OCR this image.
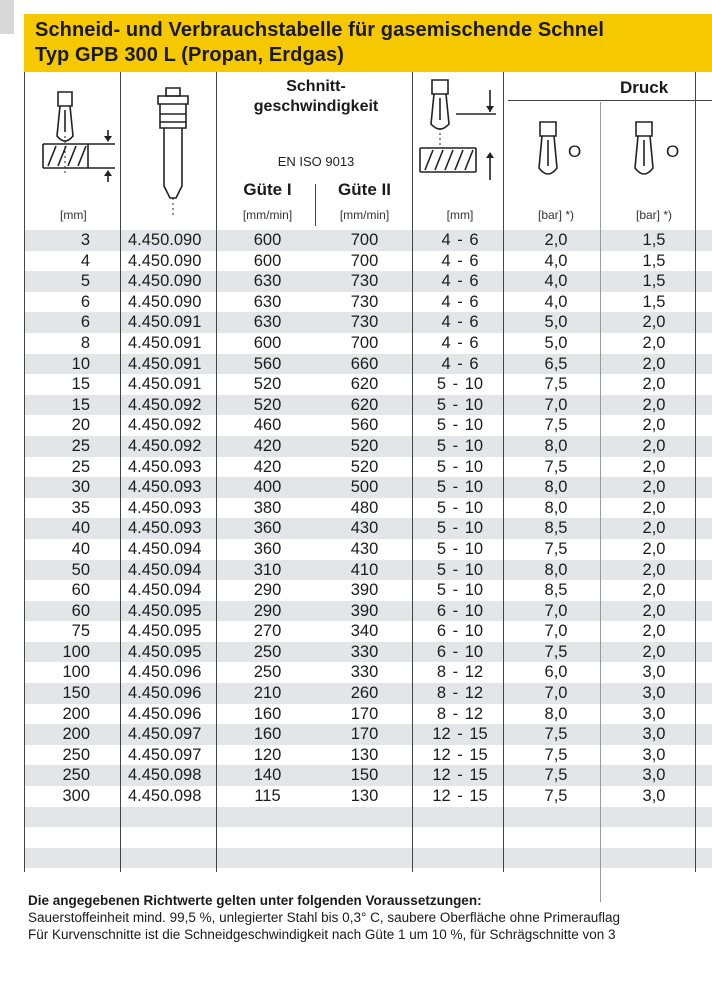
Schneid- und Verbrauchstabelle für gasemischende Schnel
Typ GPB 300 L (Propan, Erdgas)
O	O
Schnitt-
geschwindigkeit
EN ISO 9013
Güte I	Güte II
Druck
[mm]	[mm/min]	[mm/min]	[mm]	[bar] *)	[bar] *)
3 4.450.090	600	700	4 - 6	2,0	1,5
4 4.450.090	600	700	4 - 6	4,0	1,5
5 4.450.090	630	730	4 - 6	4,0	1,5
6 4.450.090	630	730	4 - 6	4,0	1,5
6 4.450.091	630	730	4 - 6	5,0	2,0
8 4.450.091	600	700	4 - 6	5,0	2,0
10 4.450.091	560	660	4 - 6	6,5	2,0
15 4.450.091	520	620	5 - 10	7,5	2,0
15 4.450.092	520	620	5 - 10	7,0	2,0
20 4.450.092	460	560	5 - 10	7,5	2,0
25 4.450.092	420	520	5 - 10	8,0	2,0
25 4.450.093	420	520	5 - 10	7,5	2,0
30 4.450.093	400	500	5 - 10	8,0	2,0
35 4.450.093	380	480	5 - 10	8,0	2,0
40 4.450.093	360	430	5 - 10	8,5	2,0
40 4.450.094	360	430	5 - 10	7,5	2,0
50 4.450.094	310	410	5 - 10	8,0	2,0
60 4.450.094	290	390	5 - 10	8,5	2,0
60 4.450.095	290	390	6 - 10	7,0	2,0
75 4.450.095	270	340	6 - 10	7,0	2,0
100 4.450.095	250	330	6 - 10	7,5	2,0
100 4.450.096	250	330	8 - 12	6,0	3,0
150 4.450.096	210	260	8 - 12	7,0	3,0
200 4.450.096	160	170	8 - 12	8,0	3,0
200 4.450.097	160	170	12 - 15	7,5	3,0
250 4.450.097	120	130	12 - 15	7,5	3,0
250 4.450.098	140	150	12 - 15	7,5	3,0
300 4.450.098	115	130	12 - 15	7,5	3,0
Die angegebenen Richtwerte gelten unter folgenden Voraussetzungen:
Sauerstoffeinheit mind. 99,5 %, unlegierter Stahl bis 0,3° C, saubere Oberfläche ohne Primerauflag
Für Kurvenschnitte ist die Schneidgeschwindigkeit nach Güte 1 um 10 %, für Schrägschnitte von 3
